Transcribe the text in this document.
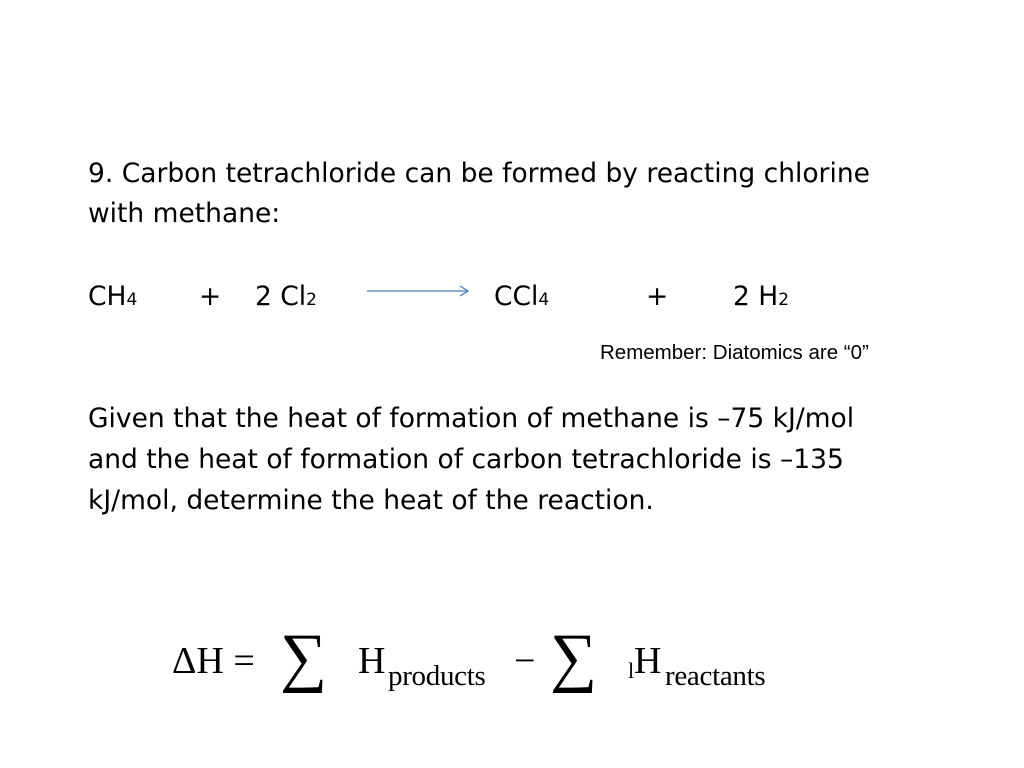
9. Carbon tetrachloride can be formed by reacting chlorine
with methane:
CH4 + 2 Cl2	CCl4	+ 2 H2
Remember: Diatomics are “0”
Given that the heat of formation of methane is –75 kJ/mol
and the heat of formation of carbon tetrachloride is –135
kJ/mol, determine the heat of the reaction.
ΔH = ∑ H products − ∑ l H reactants
